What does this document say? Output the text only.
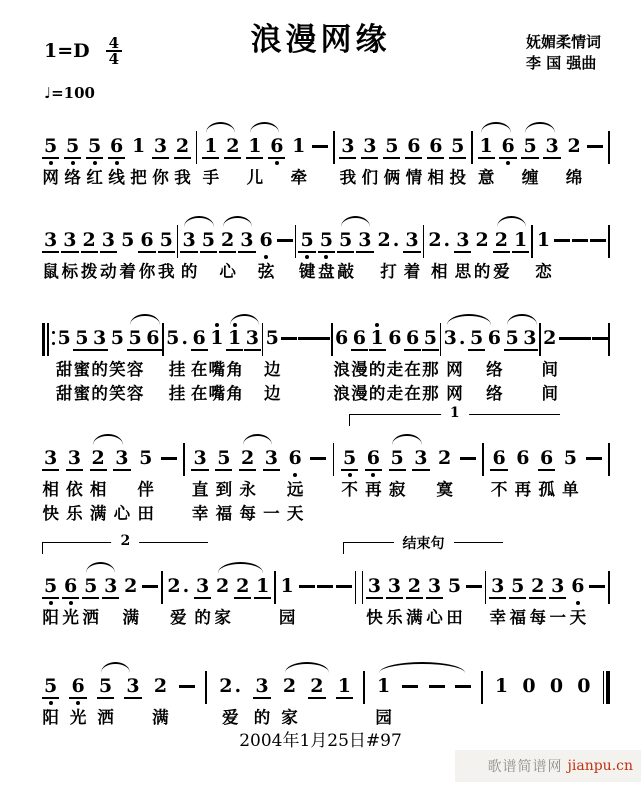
浪漫网缘
$1=D \frac{4}{4}$
♩=100
妩媚柔情词
李 国 强曲
5
网
5
络
5
红
6
线
1
把
3
你
2
我
1
手
2
1
儿
6
1
牵
3
我
3
们
5
俩
6
情
6
相
5
投
1
意
6
5
缠
3
2
绵
3
鼠
3
标
2
拨
3
动
5
着
6
你
5
我
3
的
5
2
心
3
6
弦
5
键
5
盘
5
敲
3
2 .
打
3
着
2 .
相
3
思
2
的
2
爱
1
1
恋
5
甜
甜
5
蜜
蜜
3
的
的
5
笑
笑
5
容
容
6

5 .
挂
挂
6
在
在
1
嘴
嘴
1
角
角
3

5
边
边
6
浪
浪
6
漫
漫
1
的
的
6
走
走
6
在
在
5
那
那
3 .
网
网
5

6
络
络
5

3

2
间
间
1
3
相
快
3
依
乐
2
相
满
3

心
5
伴
田
3
直
幸
5
到
福
2
永
每
3

一
6
远
天
5
不

6
再

5
寂

3

2
寞

6
不

6
再

6
孤

5
单

2	结束句
5
阳
6
光
5
洒
3
2
满
2 .
爱
3
的
2
家
2
1
1
园
3
快
3
乐
2
满
3
心
5
田
3
幸
5
福
2
每
3
一
6
天
5
阳
6
光
5
洒
3
2
满
2 .
爱
3
的
2
家
2
1
1
园
1
0
0
0

2004年1月25日#97
歌谱简谱网 jianpu.cn
